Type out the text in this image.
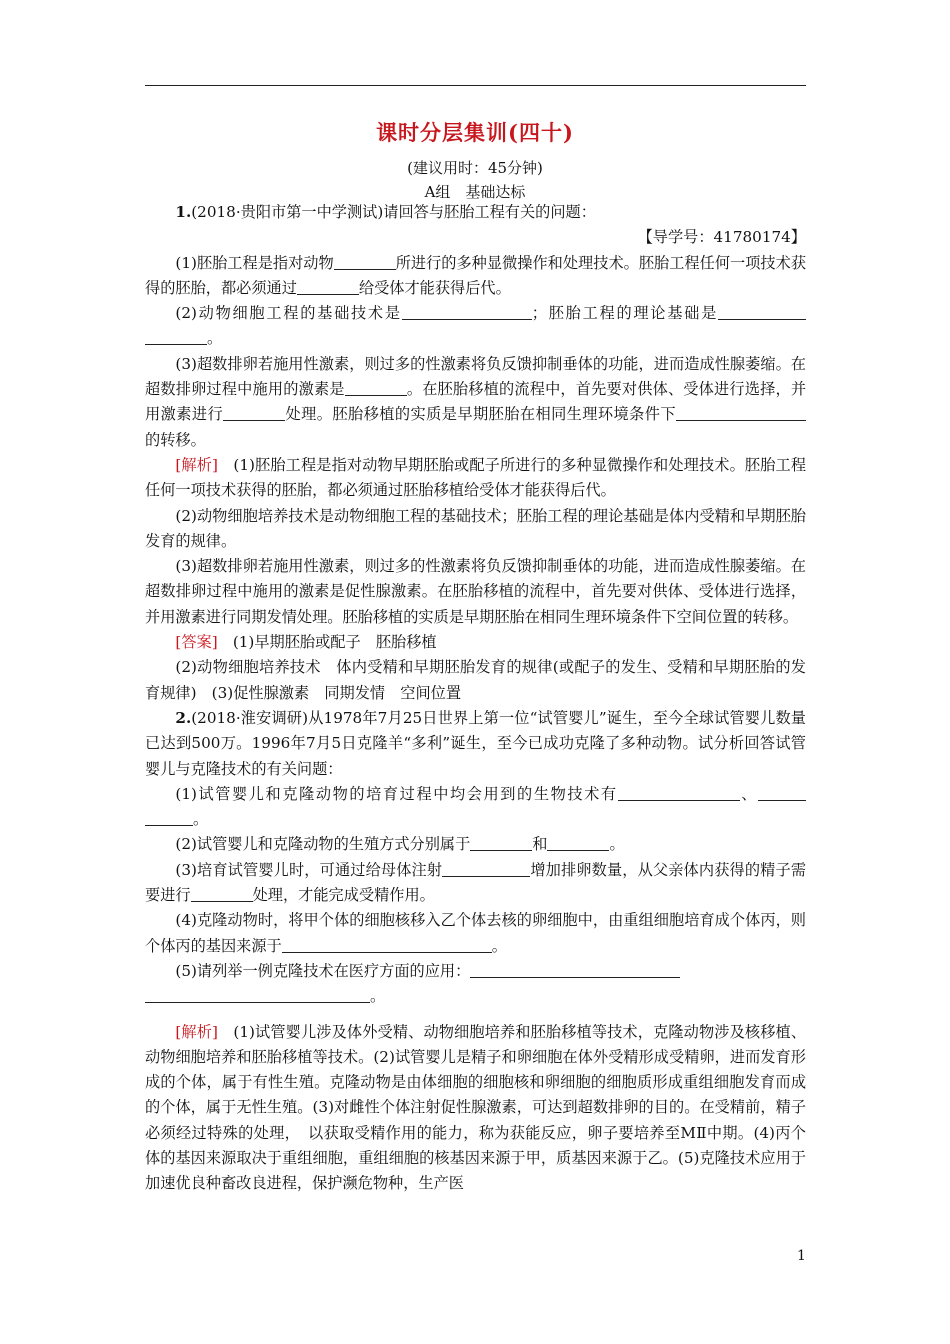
课时分层集训(四十)
(建议用时：45分钟)
A组　基础达标

1.(2018·贵阳市第一中学测试)请回答与胚胎工程有关的问题：

【导学号：41780174】

(1)胚胎工程是指对动物	所进行的多种显微操作和处理技术。胚胎工程任何一项技术获得的胚胎，都必须通过	给受体才能获得后代。

(2)动物细胞工程的基础技术是	；胚胎工程的理论基础是。

(3)超数排卵若施用性激素，则过多的性激素将负反馈抑制垂体的功能，进而造成性腺萎缩。在超数排卵过程中施用的激素是	。在胚胎移植的流程中，首先要对供体、受体进行选择，并用激素进行	处理。胚胎移植的实质是早期胚胎在相同生理环境条件下的转移。

[解析]　 (1)胚胎工程是指对动物早期胚胎或配子所进行的多种显微操作和处理技术。胚胎工程任何一项技术获得的胚胎，都必须通过胚胎移植给受体才能获得后代。

(2)动物细胞培养技术是动物细胞工程的基础技术；胚胎工程的理论基础是体内受精和早期胚胎发育的规律。

(3)超数排卵若施用性激素，则过多的性激素将负反馈抑制垂体的功能，进而造成性腺萎缩。在超数排卵过程中施用的激素是促性腺激素。在胚胎移植的流程中，首先要对供体、受体进行选择，并用激素进行同期发情处理。胚胎移植的实质是早期胚胎在相同生理环境条件下空间位置的转移。

[答案]　 (1)早期胚胎或配子　胚胎移植

(2)动物细胞培养技术　体内受精和早期胚胎发育的规律(或配子的发生、受精和早期胚胎的发育规律)　(3)促性腺激素　同期发情　空间位置

2.(2018·淮安调研)从1978年7月25日世界上第一位“试管婴儿”诞生，至今全球试管婴儿数量已达到500万。1996年7月5日克隆羊“多利”诞生，至今已成功克隆了多种动物。试分析回答试管婴儿与克隆技术的有关问题：

(1)试管婴儿和克隆动物的培育过程中均会用到的生物技术有	、。

(2)试管婴儿和克隆动物的生殖方式分别属于	和	。

(3)培育试管婴儿时，可通过给母体注射	增加排卵数量，从父亲体内获得的精子需要进行	处理，才能完成受精作用。

(4)克隆动物时，将甲个体的细胞核移入乙个体去核的卵细胞中，由重组细胞培育成个体丙，则个体丙的基因来源于	。

(5)请列举一例克隆技术在医疗方面的应用：
。

[解析]　 (1)试管婴儿涉及体外受精、动物细胞培养和胚胎移植等技术，克隆动物涉及核移植、动物细胞培养和胚胎移植等技术。(2)试管婴儿是精子和卵细胞在体外受精形成受精卵，进而发育形成的个体，属于有性生殖。克隆动物是由体细胞的细胞核和卵细胞的细胞质形成重组细胞发育而成的个体，属于无性生殖。(3)对雌性个体注射促性腺激素，可达到超数排卵的目的。在受精前，精子必须经过特殊的处理，　以获取受精作用的能力，称为获能反应，卵子要培养至MⅡ中期。(4)丙个体的基因来源取决于重组细胞，重组细胞的核基因来源于甲，质基因来源于乙。(5)克隆技术应用于加速优良种畜改良进程，保护濒危物种，生产医

1
